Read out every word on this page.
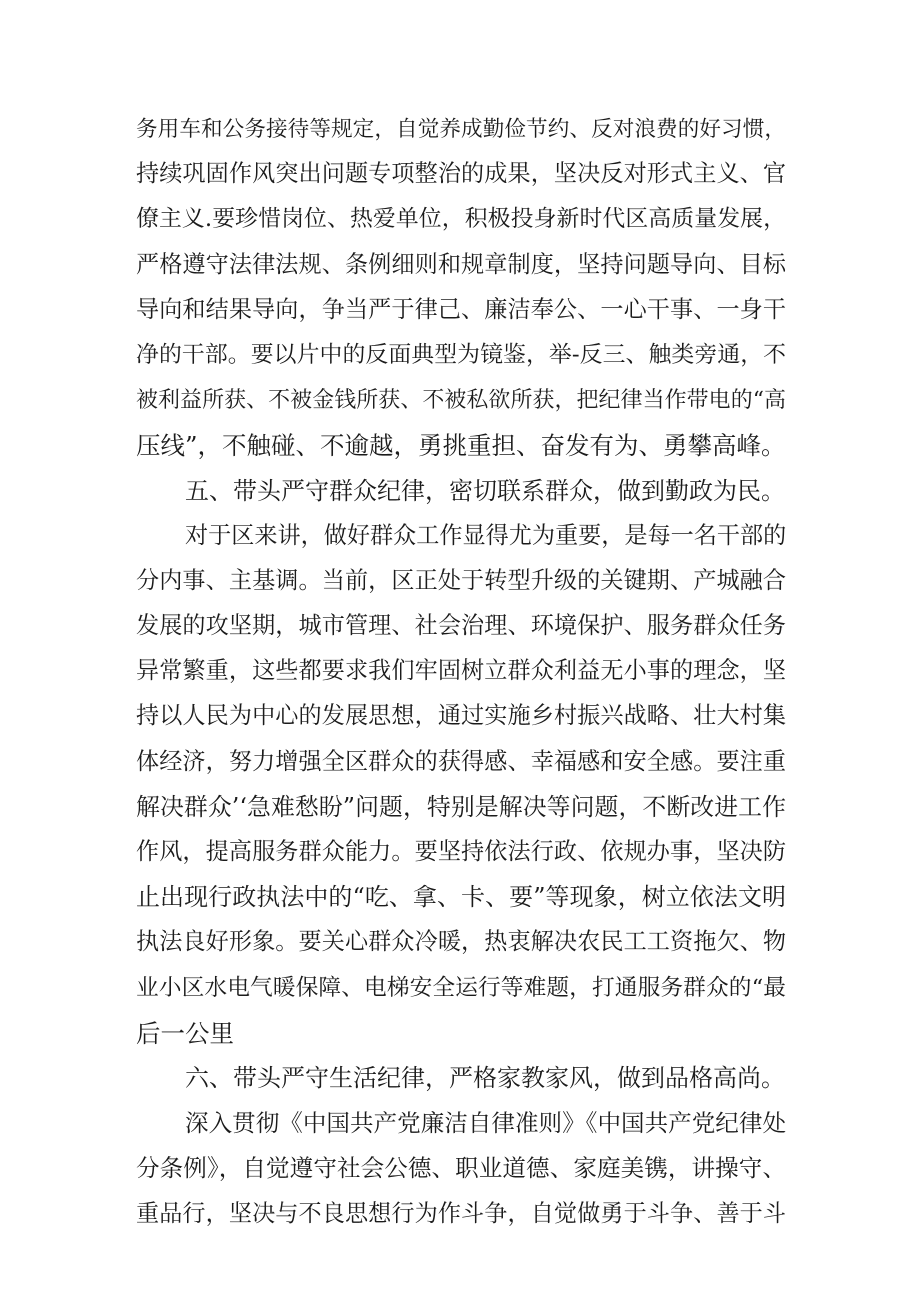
务用车和公务接待等规定，自觉养成勤俭节约、反对浪费的好习惯，
持续巩固作风突出问题专项整治的成果，坚决反对形式主义、官
僚主义.要珍惜岗位、热爱单位，积极投身新时代区高质量发展，
严格遵守法律法规、条例细则和规章制度，坚持问题导向、目标
导向和结果导向，争当严于律己、廉洁奉公、一心干事、一身干
净的干部。要以片中的反面典型为镜鉴，举-反三、触类旁通，不
被利益所获、不被金钱所获、不被私欲所获，把纪律当作带电的“高
压线”，不触碰、不逾越，勇挑重担、奋发有为、勇攀高峰。
五、带头严守群众纪律，密切联系群众，做到勤政为民。
对于区来讲，做好群众工作显得尤为重要，是每一名干部的
分内事、主基调。当前，区正处于转型升级的关键期、产城融合
发展的攻坚期，城市管理、社会治理、环境保护、服务群众任务
异常繁重，这些都要求我们牢固树立群众利益无小事的理念，坚
持以人民为中心的发展思想，通过实施乡村振兴战略、壮大村集
体经济，努力增强全区群众的获得感、幸福感和安全感。要注重
解决群众’‘急难愁盼”问题，特别是解决等问题，不断改进工作
作风，提高服务群众能力。要坚持依法行政、依规办事，坚决防
止出现行政执法中的“吃、拿、卡、要”等现象，树立依法文明
执法良好形象。要关心群众冷暖，热衷解决农民工工资拖欠、物
业小区水电气暖保障、电梯安全运行等难题，打通服务群众的“最
后一公里
六、带头严守生活纪律，严格家教家风，做到品格高尚。
深入贯彻《中国共产党廉洁自律准则》《中国共产党纪律处
分条例》，自觉遵守社会公德、职业道德、家庭美镌，讲操守、
重品行，坚决与不良思想行为作斗争，自觉做勇于斗争、善于斗
